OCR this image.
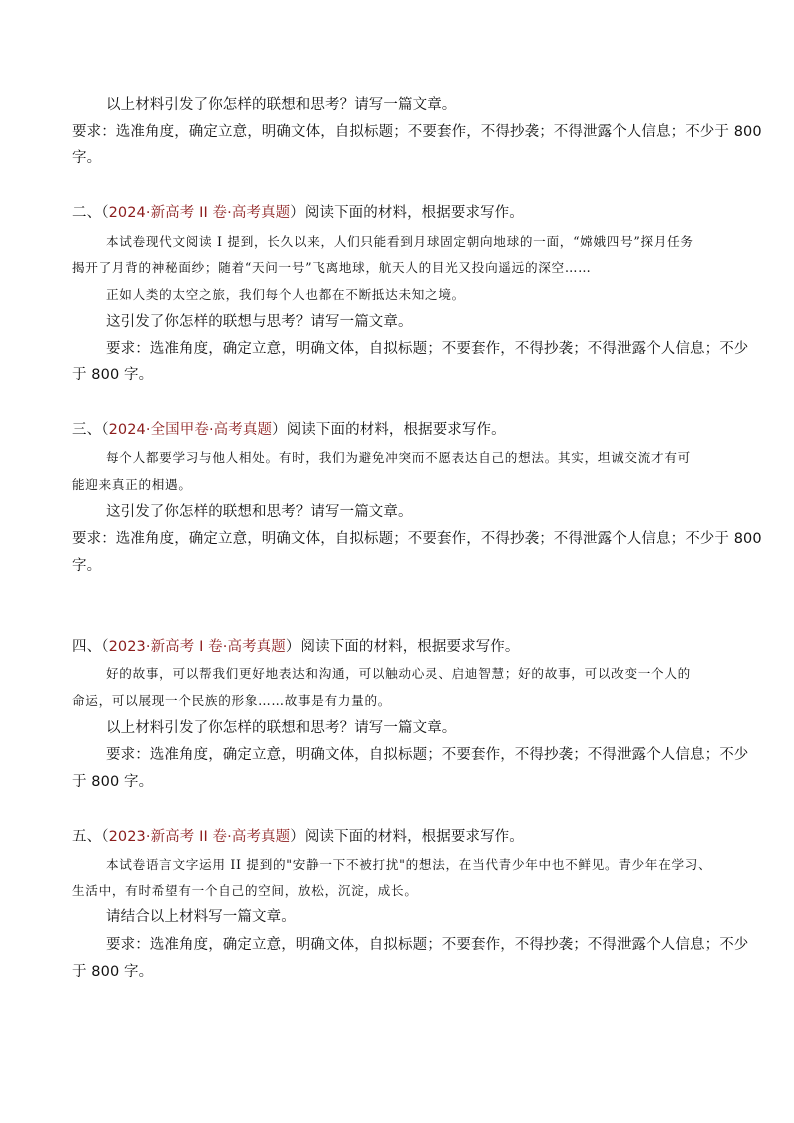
以上材料引发了你怎样的联想和思考？请写一篇文章。
要求：选准角度，确定立意，明确文体，自拟标题；不要套作，不得抄袭；不得泄露个人信息；不少于 800
字。
二、（2024·新高考 II 卷·高考真题）阅读下面的材料，根据要求写作。
本试卷现代文阅读 I 提到，长久以来，人们只能看到月球固定朝向地球的一面，“嫦娥四号”探月任务
揭开了月背的神秘面纱；随着“天问一号”飞离地球，航天人的目光又投向遥远的深空……
正如人类的太空之旅，我们每个人也都在不断抵达未知之境。
这引发了你怎样的联想与思考？请写一篇文章。
要求：选准角度，确定立意，明确文体，自拟标题；不要套作，不得抄袭；不得泄露个人信息；不少
于 800 字。
三、（2024·全国甲卷·高考真题）阅读下面的材料，根据要求写作。
每个人都要学习与他人相处。有时，我们为避免冲突而不愿表达自己的想法。其实，坦诚交流才有可
能迎来真正的相遇。
这引发了你怎样的联想和思考？请写一篇文章。
要求：选准角度，确定立意，明确文体，自拟标题；不要套作，不得抄袭；不得泄露个人信息；不少于 800
字。
四、（2023·新高考 I 卷·高考真题）阅读下面的材料，根据要求写作。
好的故事，可以帮我们更好地表达和沟通，可以触动心灵、启迪智慧；好的故事，可以改变一个人的
命运，可以展现一个民族的形象……故事是有力量的。
以上材料引发了你怎样的联想和思考？请写一篇文章。
要求：选准角度，确定立意，明确文体，自拟标题；不要套作，不得抄袭；不得泄露个人信息；不少
于 800 字。
五、（2023·新高考 II 卷·高考真题）阅读下面的材料，根据要求写作。
本试卷语言文字运用 II 提到的"安静一下不被打扰"的想法，在当代青少年中也不鲜见。青少年在学习、
生活中，有时希望有一个自己的空间，放松，沉淀，成长。
请结合以上材料写一篇文章。
要求：选准角度，确定立意，明确文体，自拟标题；不要套作，不得抄袭；不得泄露个人信息；不少
于 800 字。
